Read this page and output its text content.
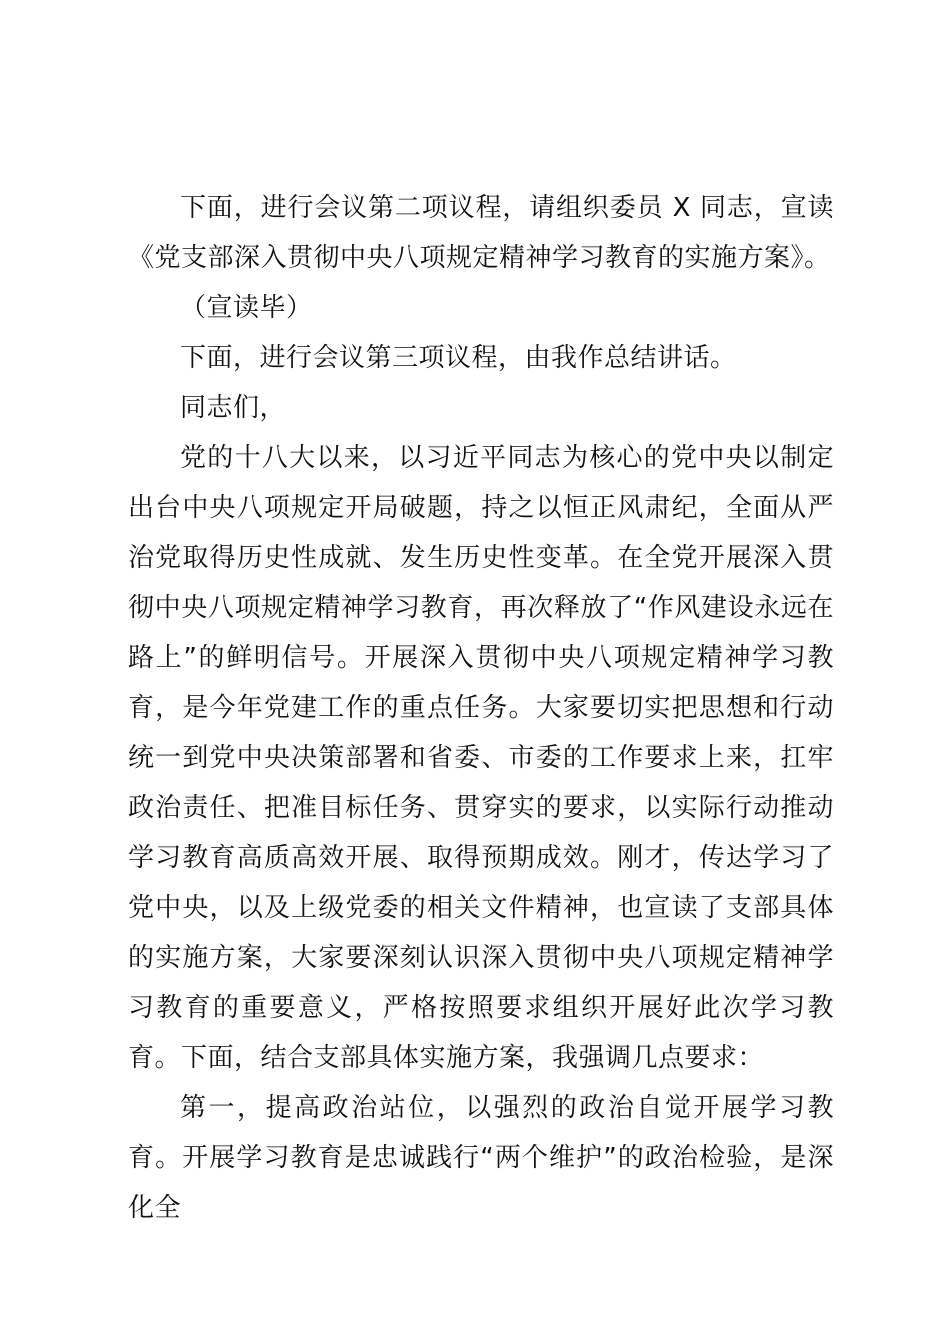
下面，进行会议第二项议程，请组织委员 X 同志，宣读《党支部深入贯彻中央八项规定精神学习教育的实施方案》。

（宣读毕）

下面，进行会议第三项议程，由我作总结讲话。

同志们，

党的十八大以来，以习近平同志为核心的党中央以制定出台中央八项规定开局破题，持之以恒正风肃纪，全面从严治党取得历史性成就、发生历史性变革。在全党开展深入贯彻中央八项规定精神学习教育，再次释放了“作风建设永远在路上”的鲜明信号。开展深入贯彻中央八项规定精神学习教育，是今年党建工作的重点任务。大家要切实把思想和行动统一到党中央决策部署和省委、市委的工作要求上来，扛牢政治责任、把准目标任务、贯穿实的要求，以实际行动推动学习教育高质高效开展、取得预期成效。刚才，传达学习了党中央，以及上级党委的相关文件精神，也宣读了支部具体的实施方案，大家要深刻认识深入贯彻中央八项规定精神学习教育的重要意义，严格按照要求组织开展好此次学习教育。下面，结合支部具体实施方案，我强调几点要求：

第一，提高政治站位，以强烈的政治自觉开展学习教育。开展学习教育是忠诚践行“两个维护”的政治检验，是深化全
